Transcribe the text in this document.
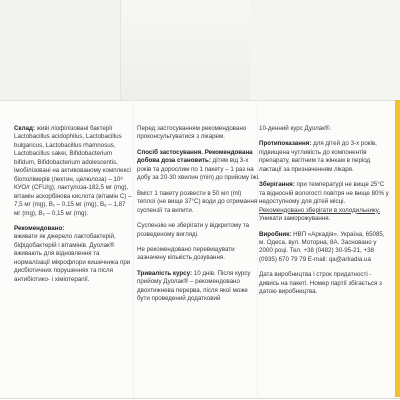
Склад: живі ліофілізовані бактерії Lactobacillus acidophilus, Lactobacillus bulgaricus, Lactobacillus rhamnosus, Lactobacillus sakei, Bifidobacterium bifidum, Bifidobacterium adolescentis, імобілізовані на активованому комплексі біополімерів (пектин, целюлоза) – 10⁸ КУО/г (CFU/g); лактулоза-182,5 мг (mg), вітамін аскорбінова кислота (вітамін С) – 7,5 мг (mg), B₁ – 0,15 мг (mg), B₆ – 1,87 мг (mg), B₂ – 0,15 мг (mg).

Рекомендовано:
вживати як джерело лактобактерій, біфідобактерій і вітамінів. Дуолак® вживають для відновлення та нормалізації мікрофлори кишечника при дисбіотичних порушеннях та після антибіотико- і хіміотерапії.

Перед застосуванням рекомендовано проконсультуватися з лікарем.

Спосіб застосування. Рекомендована добова доза становить: дітям від 3-х років та дорослим по 1 пакету – 1 раз на добу за 20-30 хвилин (min) до прийому їжі.

Вміст 1 пакету розвести в 50 мл (ml) теплої (не вище 37°C) води до отримання суспензії та випити.

Суспензію не зберігати у відкритому та розведеному вигляді.

Не рекомендовано перевищувати зазначену кількість дозування.

Тривалість курсу: 10 днів. Після курсу прийому Дуолак® – рекомендовано двохтижнева перерва, після якої може бути проведений додатковий

10-денний курс Дуолак®.

Протипоказання: для дітей до 3-х років, підвищена чутливість до компонентів препарату, вагітним та жінкам в період лактації за призначенням лікаря.

Зберігання: при температурі не вище 25°C та відносній вологості повітря не вище 80% у недоступному для дітей місці. Рекомендовано зберігати в холодильнику. Уникати заморожування.

Виробник: НВП «Аркадія». Україна, 65085, м. Одеса, вул. Моторна, 8А. Засновано у 2000 році. Тел. +38 (0482) 30-95-21, +38 (0935) 670 79 79 E-mail: qa@arkadia.ua

Дата виробництва і строк придатності - дивись на пакеті. Номер партії збігається з датою виробництва.
